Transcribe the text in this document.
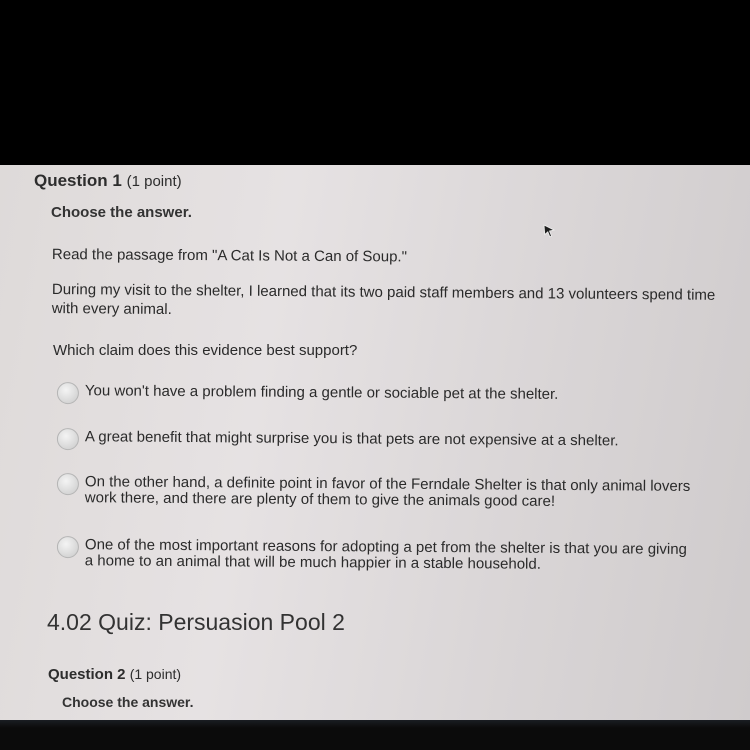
Question 1 (1 point)
Choose the answer.
Read the passage from "A Cat Is Not a Can of Soup."
During my visit to the shelter, I learned that its two paid staff members and 13 volunteers spend time with every animal.
Which claim does this evidence best support?
You won't have a problem finding a gentle or sociable pet at the shelter.
A great benefit that might surprise you is that pets are not expensive at a shelter.
On the other hand, a definite point in favor of the Ferndale Shelter is that only animal lovers work there, and there are plenty of them to give the animals good care!
One of the most important reasons for adopting a pet from the shelter is that you are giving a home to an animal that will be much happier in a stable household.
4.02 Quiz: Persuasion Pool 2
Question 2 (1 point)
Choose the answer.
